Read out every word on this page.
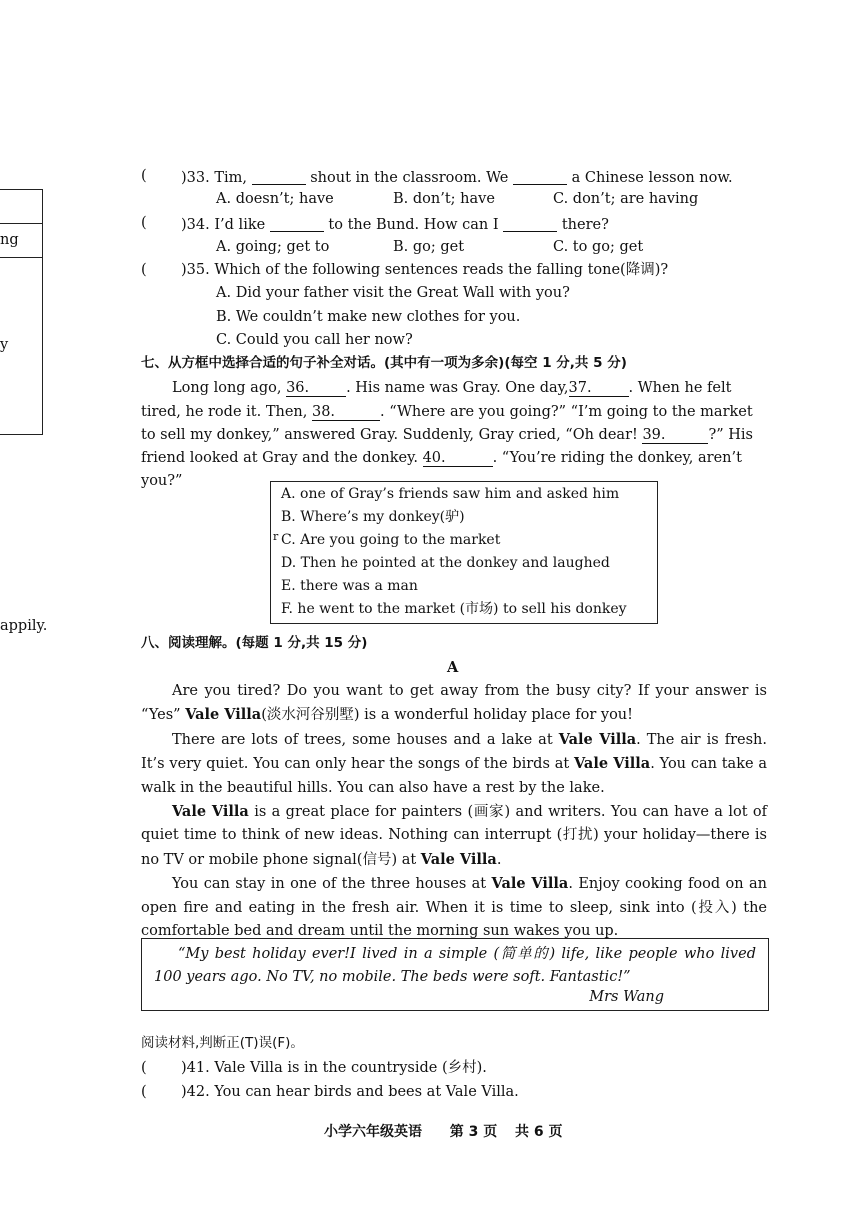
ng
y
appily.
( )33. Tim,	shout in the classroom. We	a Chinese lesson now.
A. doesn’t; have	B. don’t; have	C. don’t; are having
( )34. I’d like	to the Bund. How can I	there?
A. going; get to	B. go; get	C. to go; get
( )35. Which of the following sentences reads the falling tone(降调)?
A. Did your father visit the Great Wall with you?
B. We couldn’t make new clothes for you.
C. Could you call her now?
七、从方框中选择合适的句子补全对话。(其中有一项为多余)(每空 1 分,共 5 分)
Long long ago, 36.	. His name was Gray. One day,37.	. When he felt
tired, he rode it. Then, 38.	. “Where are you going?” “I’m going to the market
to sell my donkey,” answered Gray. Suddenly, Gray cried, “Oh dear! 39.	?” His
friend looked at Gray and the donkey. 40.	. “You’re riding the donkey, aren’t
you?”
A. one of Gray’s friends saw him and asked him
B. Where’s my donkey(驴)
C. Are you going to the market
D. Then he pointed at the donkey and laughed
E. there was a man
F. he went to the market (市场) to sell his donkey
r
八、阅读理解。(每题 1 分,共 15 分)
A

Are you tired? Do you want to get away from the busy city? If your answer is “Yes” Vale Villa(淡水河谷别墅) is a wonderful holiday place for you!

There are lots of trees, some houses and a lake at Vale Villa. The air is fresh. It’s very quiet. You can only hear the songs of the birds at Vale Villa. You can take a walk in the beautiful hills. You can also have a rest by the lake.

Vale Villa is a great place for painters (画家) and writers. You can have a lot of quiet time to think of new ideas. Nothing can interrupt (打扰) your holiday—there is no TV or mobile phone signal(信号) at Vale Villa.

You can stay in one of the three houses at Vale Villa. Enjoy cooking food on an open fire and eating in the fresh air. When it is time to sleep, sink into (投入) the comfortable bed and dream until the morning sun wakes you up.

“My best holiday ever!I lived in a simple (简单的) life, like people who lived 100 years ago. No TV, no mobile. The beds were soft. Fantastic!”
Mrs Wang
阅读材料,判断正(T)误(F)。
( )41. Vale Villa is in the countryside (乡村).
( )42. You can hear birds and bees at Vale Villa.
小学六年级英语 第 3 页 共 6 页
